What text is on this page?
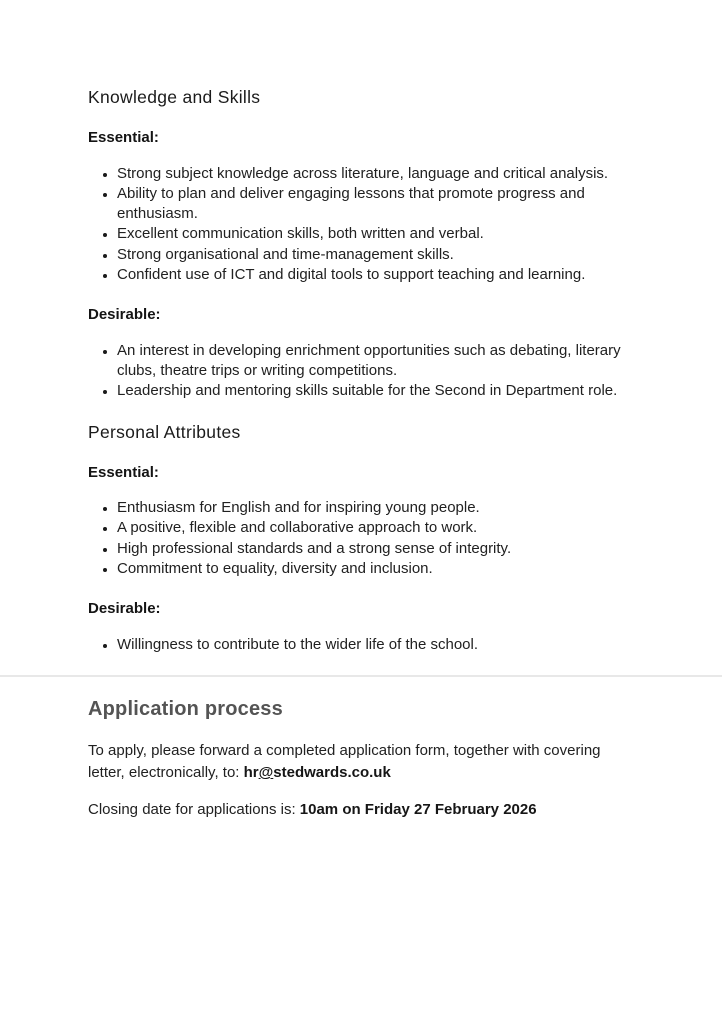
Knowledge and Skills
Essential:
• Strong subject knowledge across literature, language and critical analysis.
• Ability to plan and deliver engaging lessons that promote progress and enthusiasm.
• Excellent communication skills, both written and verbal.
• Strong organisational and time-management skills.
• Confident use of ICT and digital tools to support teaching and learning.
Desirable:
• An interest in developing enrichment opportunities such as debating, literary clubs, theatre trips or writing competitions.
• Leadership and mentoring skills suitable for the Second in Department role.
Personal Attributes
Essential:
• Enthusiasm for English and for inspiring young people.
• A positive, flexible and collaborative approach to work.
• High professional standards and a strong sense of integrity.
• Commitment to equality, diversity and inclusion.
Desirable:
• Willingness to contribute to the wider life of the school.
Application process

To apply, please forward a completed application form, together with covering letter, electronically, to: hr@stedwards.co.uk

Closing date for applications is: 10am on Friday 27 February 2026
